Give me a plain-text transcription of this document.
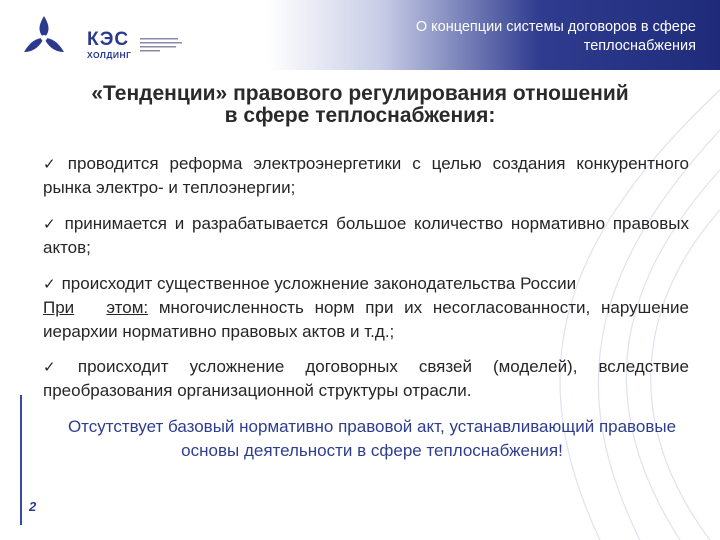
О концепции системы договоров в сфере
теплоснабжения
КЭС
ХОЛДИНГ
«Тенденции» правового регулирования отношений
в сфере теплоснабжения:
✓ проводится реформа электроэнергетики с целью создания конкурентного рынка электро- и теплоэнергии;
✓ принимается и разрабатывается большое количество нормативно правовых актов;
✓ происходит существенное усложнение законодательства России
При этом: многочисленность норм при их несогласованности, нарушение иерархии нормативно правовых актов и т.д.;
✓ происходит усложнение договорных связей (моделей), вследствие преобразования организационной структуры отрасли.
Отсутствует базовый нормативно правовой акт, устанавливающий правовые основы деятельности в сфере теплоснабжения!
2
